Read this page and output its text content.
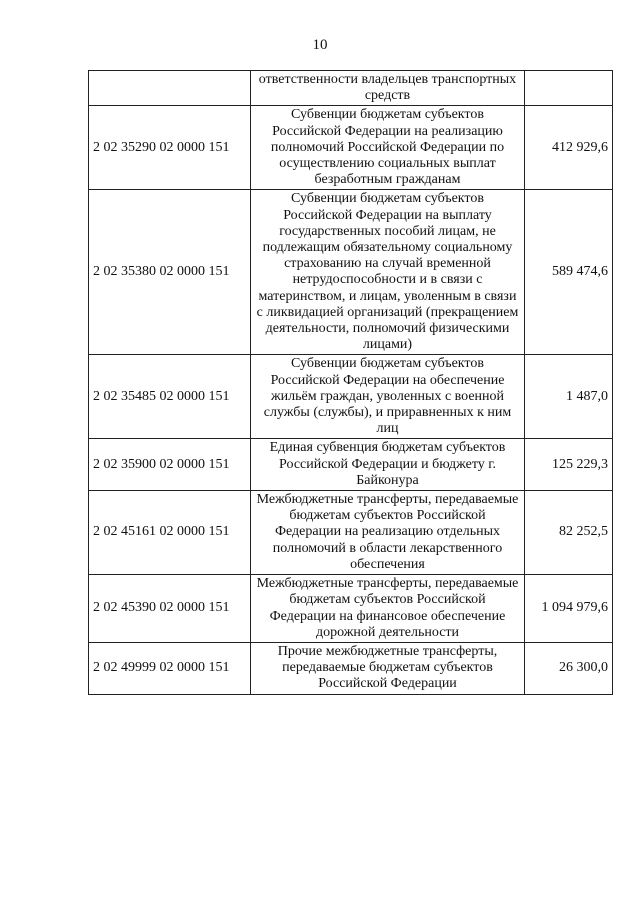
10
	ответственности владельцев транспортных средств	
2 02 35290 02 0000 151	Субвенции бюджетам субъектов Российской Федерации на реализацию полномочий Российской Федерации по осуществлению социальных выплат безработным гражданам	412 929,6
2 02 35380 02 0000 151	Субвенции бюджетам субъектов Российской Федерации на выплату государственных пособий лицам, не подлежащим обязательному социальному страхованию на случай временной нетрудоспособности и в связи с материнством, и лицам, уволенным в связи с ликвидацией организаций (прекращением деятельности, полномочий физическими лицами)	589 474,6
2 02 35485 02 0000 151	Субвенции бюджетам субъектов Российской Федерации на обеспечение жильём граждан, уволенных с военной службы (службы), и приравненных к ним лиц	1 487,0
2 02 35900 02 0000 151	Единая субвенция бюджетам субъектов Российской Федерации и бюджету г. Байконура	125 229,3
2 02 45161 02 0000 151	Межбюджетные трансферты, передаваемые бюджетам субъектов Российской Федерации на реализацию отдельных полномочий в области лекарственного обеспечения	82 252,5
2 02 45390 02 0000 151	Межбюджетные трансферты, передаваемые бюджетам субъектов Российской Федерации на финансовое обеспечение дорожной деятельности	1 094 979,6
2 02 49999 02 0000 151	Прочие межбюджетные трансферты, передаваемые бюджетам субъектов Российской Федерации	26 300,0
